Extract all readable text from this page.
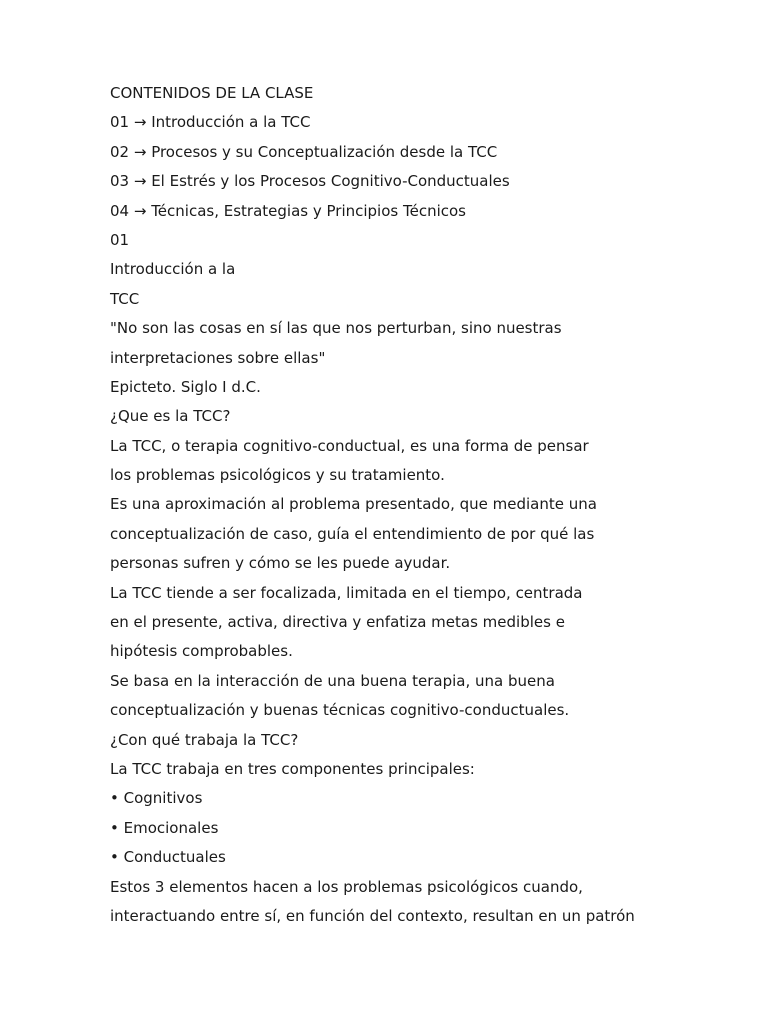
CONTENIDOS DE LA CLASE
01 → Introducción a la TCC
02 → Procesos y su Conceptualización desde la TCC
03 → El Estrés y los Procesos Cognitivo-Conductuales
04 → Técnicas, Estrategias y Principios Técnicos
01
Introducción a la
TCC
"No son las cosas en sí las que nos perturban, sino nuestras
interpretaciones sobre ellas"
Epicteto. Siglo I d.C.
¿Que es la TCC?
La TCC, o terapia cognitivo-conductual, es una forma de pensar
los problemas psicológicos y su tratamiento.
Es una aproximación al problema presentado, que mediante una
conceptualización de caso, guía el entendimiento de por qué las
personas sufren y cómo se les puede ayudar.
La TCC tiende a ser focalizada, limitada en el tiempo, centrada
en el presente, activa, directiva y enfatiza metas medibles e
hipótesis comprobables.
Se basa en la interacción de una buena terapia, una buena
conceptualización y buenas técnicas cognitivo-conductuales.
¿Con qué trabaja la TCC?
La TCC trabaja en tres componentes principales:
• Cognitivos
• Emocionales
• Conductuales
Estos 3 elementos hacen a los problemas psicológicos cuando,
interactuando entre sí, en función del contexto, resultan en un patrón
